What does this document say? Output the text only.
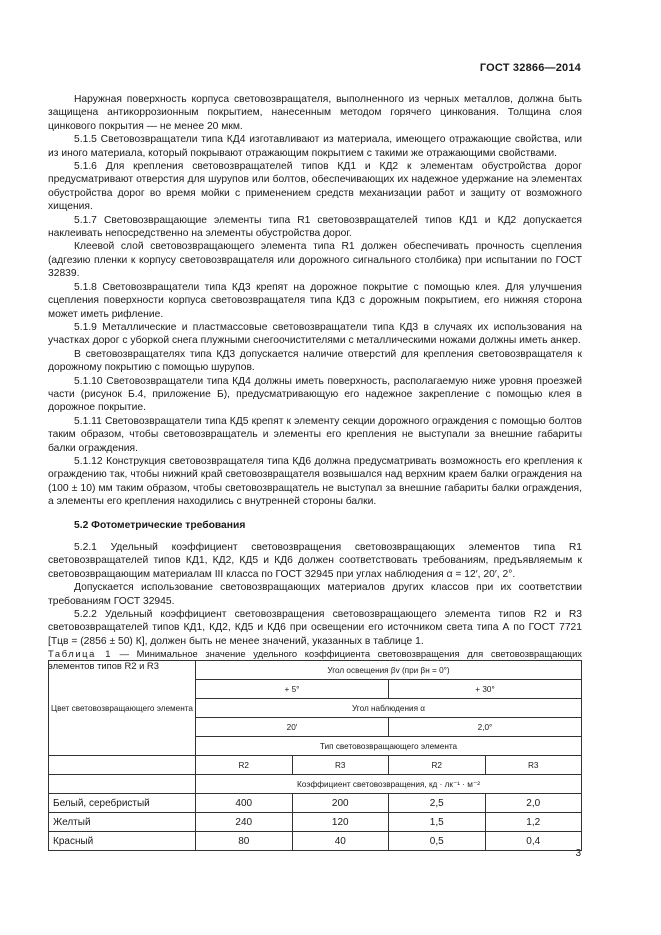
ГОСТ 32866—2014

Наружная поверхность корпуса световозвращателя, выполненного из черных металлов, должна быть защищена антикоррозионным покрытием, нанесенным методом горячего цинкования. Толщина слоя цинкового покрытия — не менее 20 мкм.

5.1.5 Световозвращатели типа КД4 изготавливают из материала, имеющего отражающие свойства, или из иного материала, который покрывают отражающим покрытием с такими же отражающими свойствами.

5.1.6 Для крепления световозвращателей типов КД1 и КД2 к элементам обустройства дорог предусматривают отверстия для шурупов или болтов, обеспечивающих их надежное удержание на элементах обустройства дорог во время мойки с применением средств механизации работ и защиту от возможного хищения.

5.1.7 Световозвращающие элементы типа R1 световозвращателей типов КД1 и КД2 допускается наклеивать непосредственно на элементы обустройства дорог.

Клеевой слой световозвращающего элемента типа R1 должен обеспечивать прочность сцепления (адгезию пленки к корпусу световозвращателя или дорожного сигнального столбика) при испытании по ГОСТ 32839.

5.1.8 Световозвращатели типа КД3 крепят на дорожное покрытие с помощью клея. Для улучшения сцепления поверхности корпуса световозвращателя типа КД3 с дорожным покрытием, его нижняя сторона может иметь рифление.

5.1.9 Металлические и пластмассовые световозвращатели типа КД3 в случаях их использования на участках дорог с уборкой снега плужными снегоочистителями с металлическими ножами должны иметь анкер.

В световозвращателях типа КД3 допускается наличие отверстий для крепления световозвращателя к дорожному покрытию с помощью шурупов.

5.1.10 Световозвращатели типа КД4 должны иметь поверхность, располагаемую ниже уровня проезжей части (рисунок Б.4, приложение Б), предусматривающую его надежное закрепление с помощью клея в дорожное покрытие.

5.1.11 Световозвращатели типа КД5 крепят к элементу секции дорожного ограждения с помощью болтов таким образом, чтобы световозвращатель и элементы его крепления не выступали за внешние габариты балки ограждения.

5.1.12 Конструкция световозвращателя типа КД6 должна предусматривать возможность его крепления к ограждению так, чтобы нижний край световозвращателя возвышался над верхним краем балки ограждения на (100 ± 10) мм таким образом, чтобы световозвращатель не выступал за внешние габариты балки ограждения, а элементы его крепления находились с внутренней стороны балки.

5.2 Фотометрические требования

5.2.1 Удельный коэффициент световозвращения световозвращающих элементов типа R1 световозвращателей типов КД1, КД2, КД5 и КД6 должен соответствовать требованиям, предъявляемым к световозвращающим материалам III класса по ГОСТ 32945 при углах наблюдения α = 12′, 20′, 2°.

Допускается использование световозвращающих материалов других классов при их соответствии требованиям ГОСТ 32945.

5.2.2 Удельный коэффициент световозвращения световозвращающего элемента типов R2 и R3 световозвращателей типов КД1, КД2, КД5 и КД6 при освещении его источником света типа А по ГОСТ 7721 [Tцв = (2856 ± 50) К], должен быть не менее значений, указанных в таблице 1.

Таблица 1 — Минимальное значение удельного коэффициента световозвращения для световозвращающих элементов типов R2 и R3

Цвет световозвращающего элемента	Угол освещения βv (при βн = 0°)			
	+ 5°		+ 30°	
	Угол наблюдения α			
	20′		2,0°	
	Тип световозвращающего элемента			
	R2	R3	R2	R3
	Коэффициент световозвращения, кд · лк⁻¹ · м⁻²			
Белый, серебристый	400	200	2,5	2,0
Желтый	240	120	1,5	1,2
Красный	80	40	0,5	0,4
3
